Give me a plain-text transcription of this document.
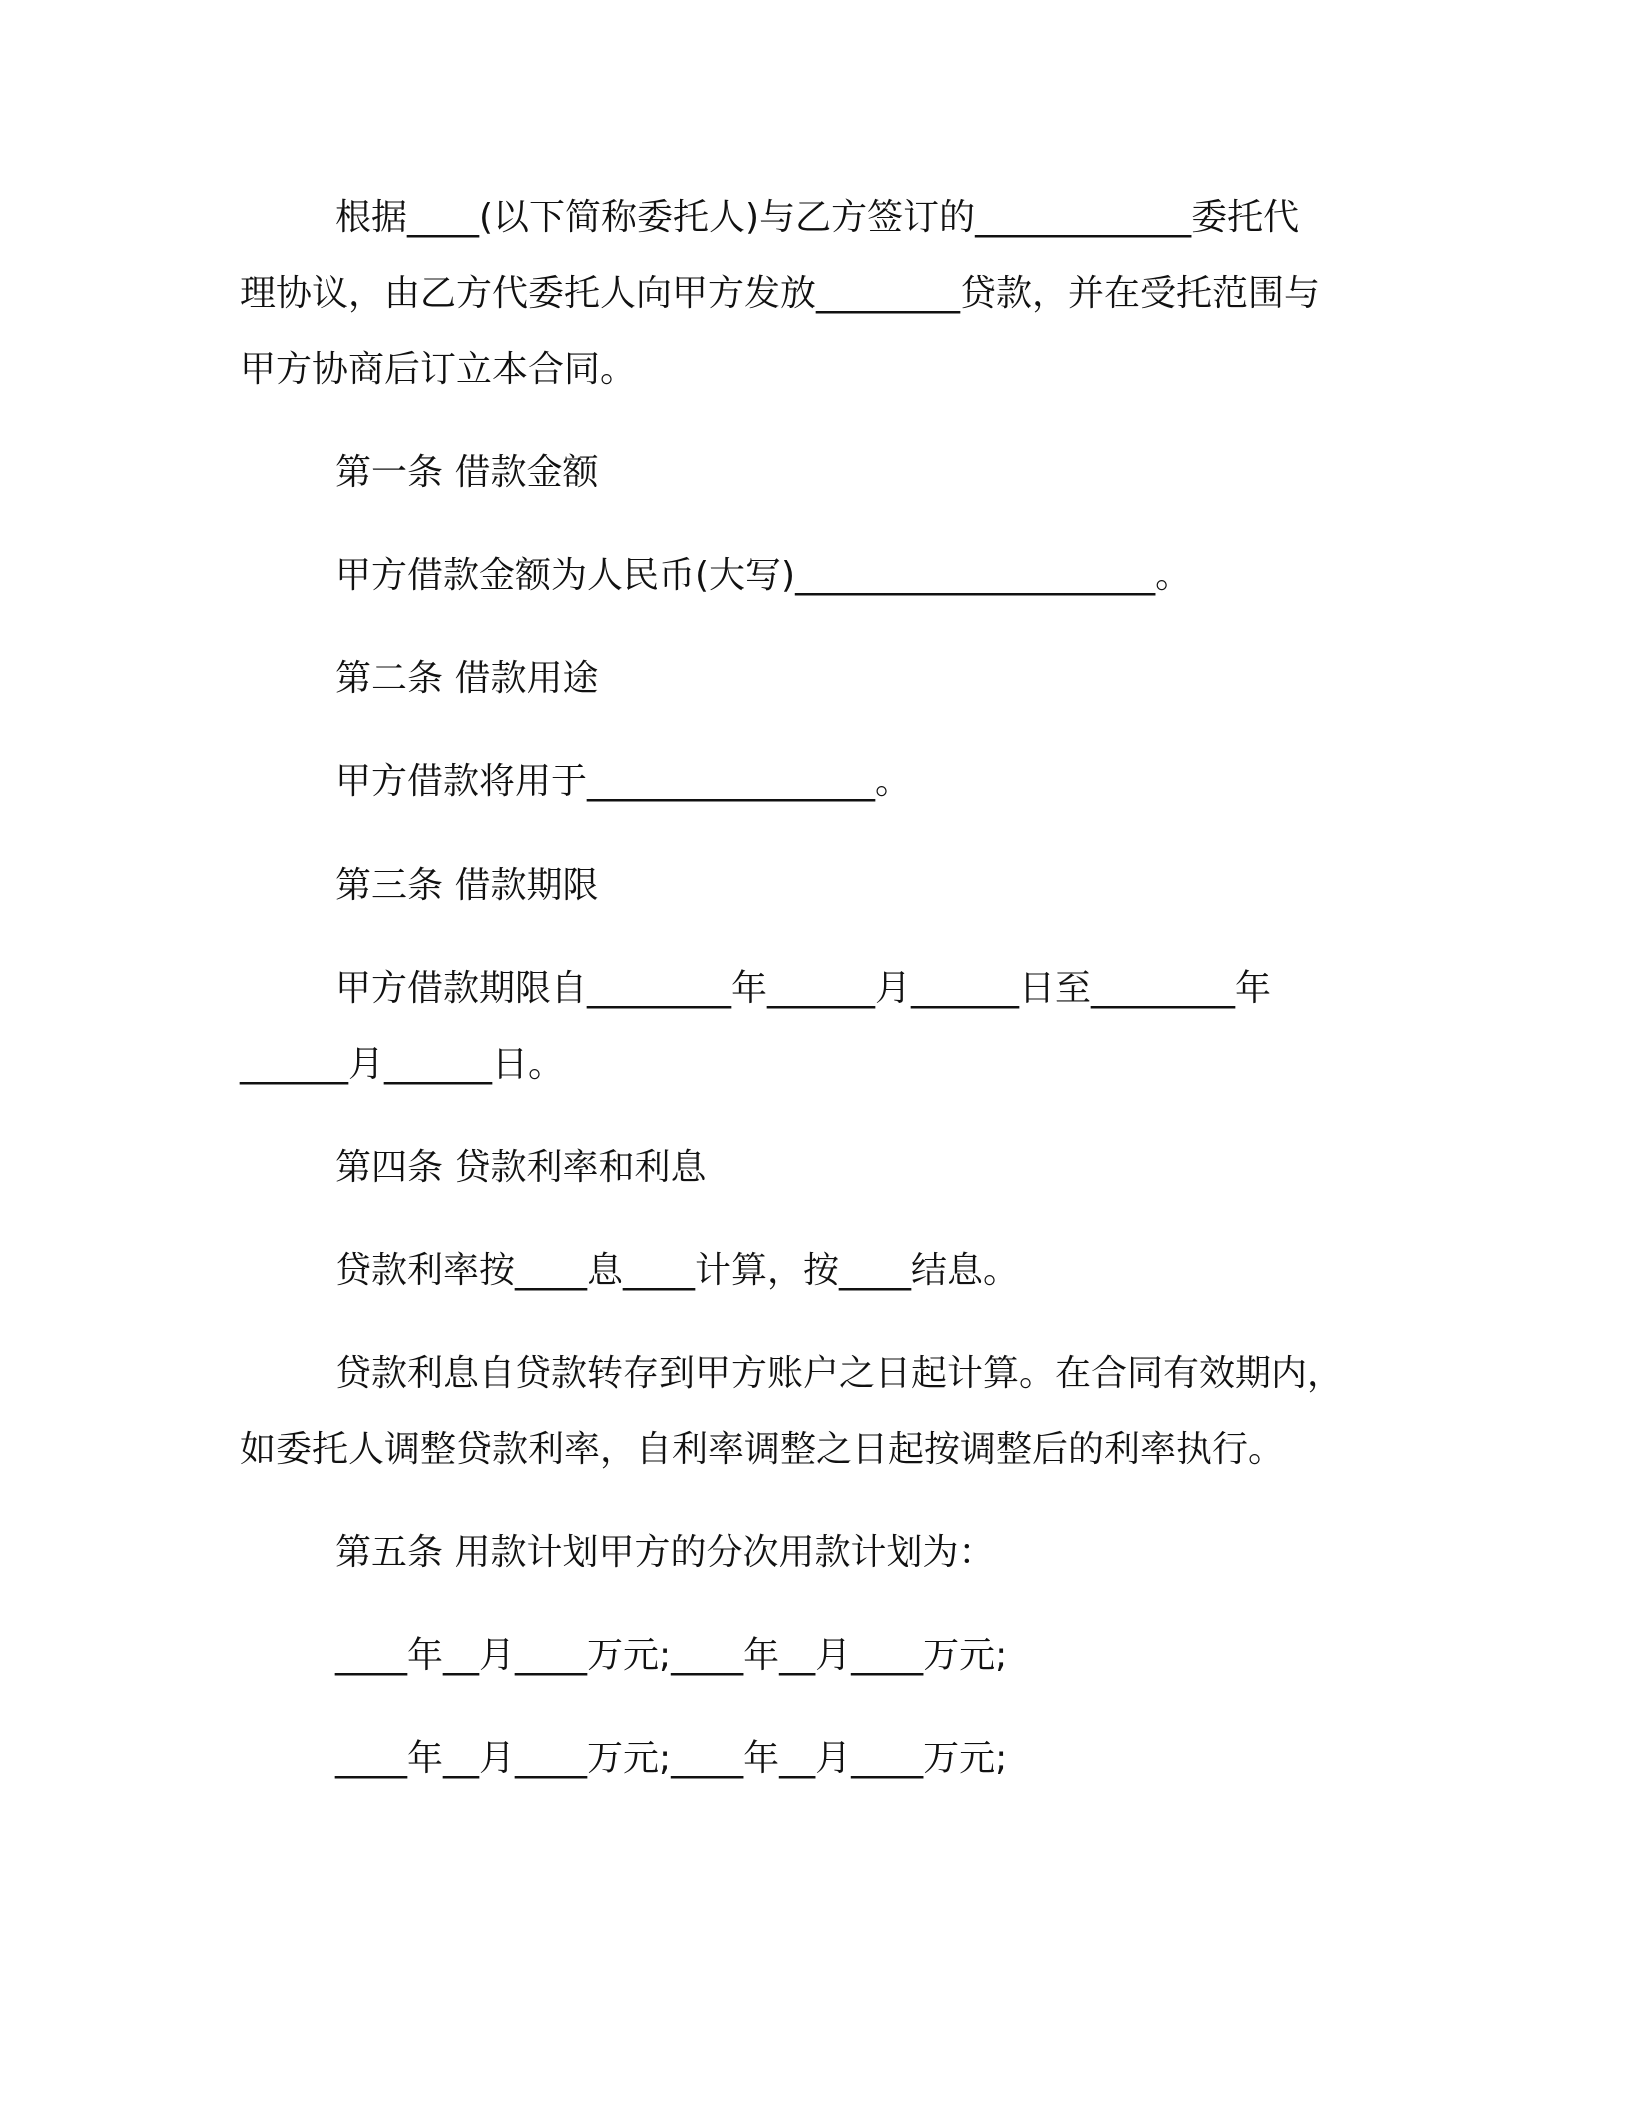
根据____(以下简称委托人)与乙方签订的____________委托代
理协议，由乙方代委托人向甲方发放________贷款，并在受托范围与
甲方协商后订立本合同。
第一条 借款金额
甲方借款金额为人民币(大写)____________________。
第二条 借款用途
甲方借款将用于________________。
第三条 借款期限
甲方借款期限自________年______月______日至________年
______月______日。
第四条 贷款利率和利息
贷款利率按____息____计算，按____结息。
贷款利息自贷款转存到甲方账户之日起计算。在合同有效期内，
如委托人调整贷款利率，自利率调整之日起按调整后的利率执行。
第五条 用款计划甲方的分次用款计划为：
____年__月____万元;____年__月____万元;
____年__月____万元;____年__月____万元;
